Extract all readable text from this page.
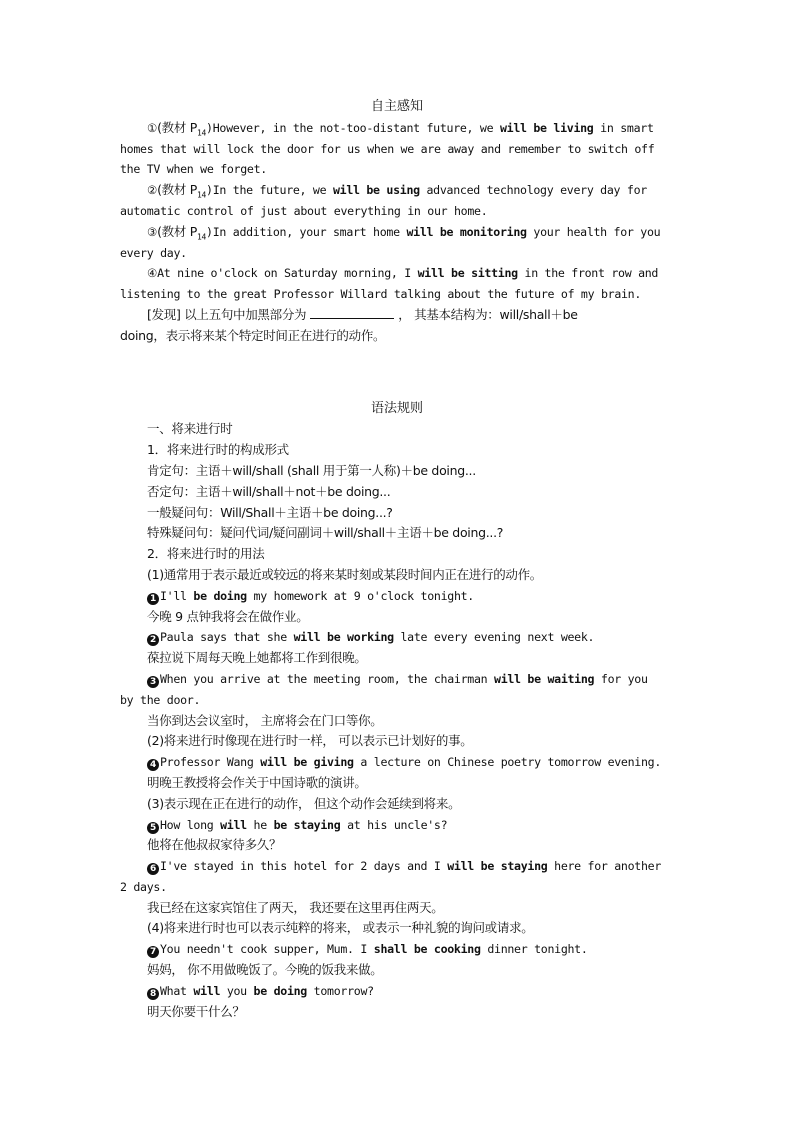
自主感知
①(教材 $P_{14})However$, in the not-too-distant future, we will be living in smart
homes that will lock the door for us when we are away and remember to switch off
the TV when we forget.
②(教材 $P_{14})In$ the future, we will be using advanced technology every day for
automatic control of just about everything in our home.
③(教材 $P_{14})In$ addition, your smart home will be monitoring your health for you
every day.
④At nine o'clock on Saturday morning, I will be sitting in the front row and
listening to the great Professor Willard talking about the future of my brain.
[发现] 以上五句中加黑部分为	， 其基本结构为：will/shall＋be
doing，表示将来某个特定时间正在进行的动作。
语法规则
一、将来进行时
1．将来进行时的构成形式
肯定句：主语＋will/shall (shall 用于第一人称)＋be doing...
否定句：主语＋will/shall＋not＋be doing...
一般疑问句：Will/Shall＋主语＋be doing...?
特殊疑问句：疑问代词/疑问副词＋will/shall＋主语＋be doing...?
2．将来进行时的用法
(1)通常用于表示最近或较远的将来某时刻或某段时间内正在进行的动作。
1 I'll be doing my homework at 9 o'clock tonight.
今晚 9 点钟我将会在做作业。
2 Paula says that she will be working late every evening next week.
葆拉说下周每天晚上她都将工作到很晚。
3 When you arrive at the meeting room, the chairman will be waiting for you
by the door.
当你到达会议室时， 主席将会在门口等你。
(2)将来进行时像现在进行时一样， 可以表示已计划好的事。
4 Professor Wang will be giving a lecture on Chinese poetry tomorrow evening.
明晚王教授将会作关于中国诗歌的演讲。
(3)表示现在正在进行的动作， 但这个动作会延续到将来。
5 How long will he be staying at his uncle's?
他将在他叔叔家待多久？
6 I've stayed in this hotel for 2 days and I will be staying here for another
2 days.
我已经在这家宾馆住了两天， 我还要在这里再住两天。
(4)将来进行时也可以表示纯粹的将来， 或表示一种礼貌的询问或请求。
7 You needn't cook supper, Mum. I shall be cooking dinner tonight.
妈妈， 你不用做晚饭了。今晚的饭我来做。
8 What will you be doing tomorrow?
明天你要干什么？
